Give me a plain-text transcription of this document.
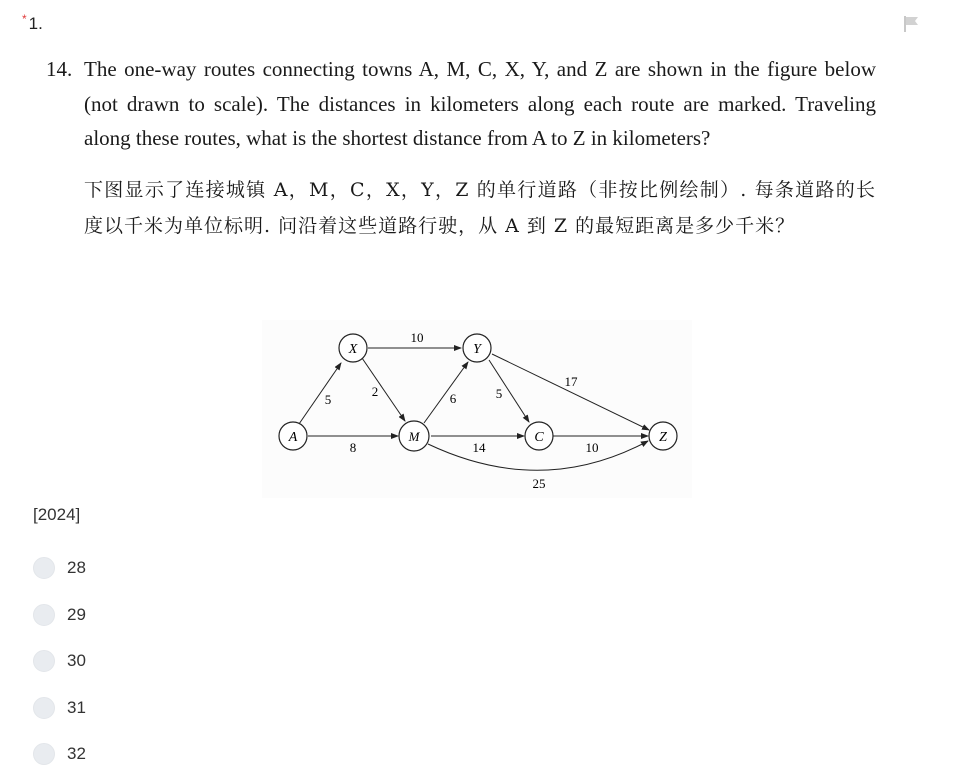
* 1.
14. The one-way routes connecting towns A, M, C, X, Y, and Z are shown in the figure below (not drawn to scale). The distances in kilometers along each route are marked. Traveling along these routes, what is the shortest distance from A to Z in kilometers?
下图显示了连接城镇 A，M，C，X，Y，Z 的单行道路（非按比例绘制）. 每条道路的长度以千米为单位标明. 问沿着这些道路行驶，从 A 到 Z 的最短距离是多少千米？
A
X
M
Y
C	Z
5
2
10
8
6	5
17
14	10
25
[2024]
28
29
30
31
32
